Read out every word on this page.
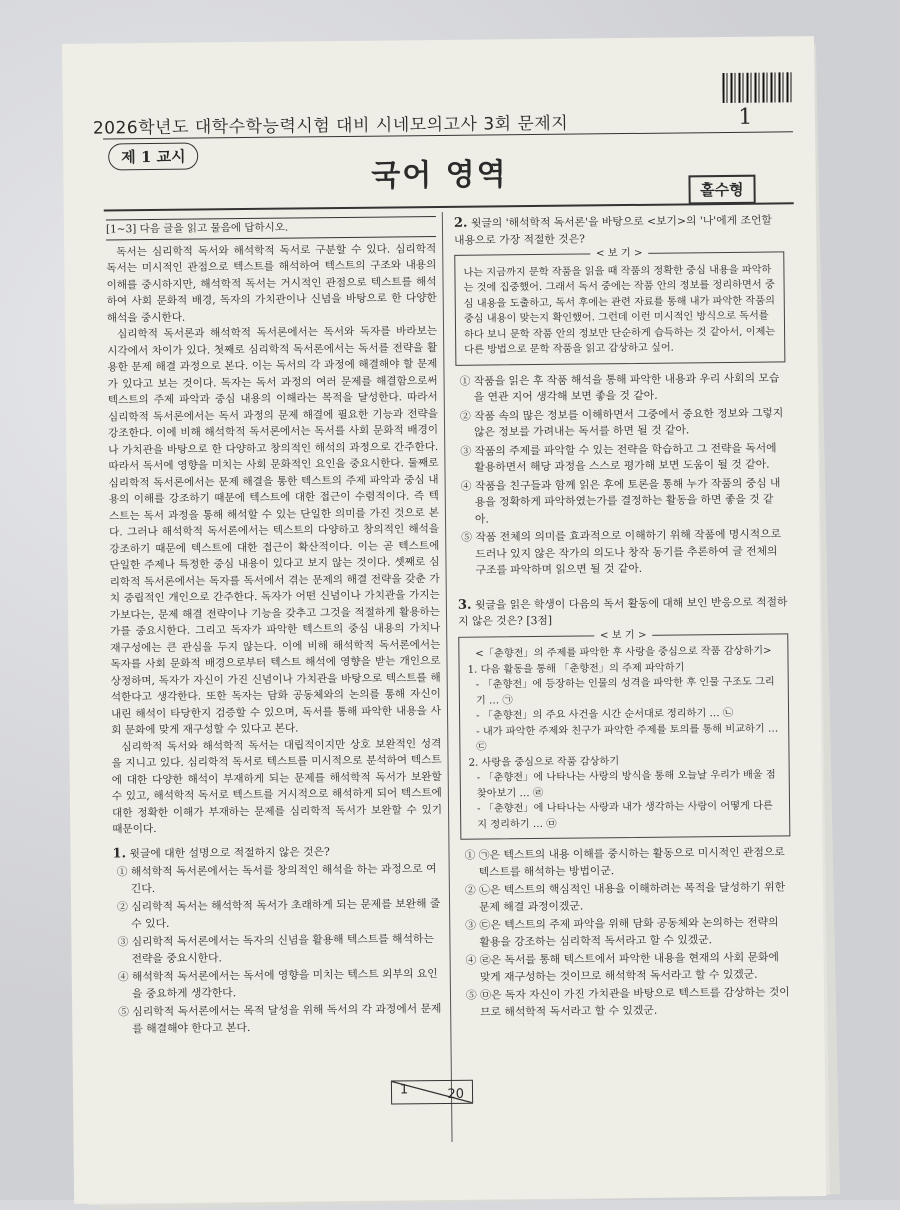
2026학년도 대학수학능력시험 대비 시네모의고사 3회 문제지	1
제 1 교시
국어 영역	홀수형
[1~3] 다음 글을 읽고 물음에 답하시오.

독서는 심리학적 독서와 해석학적 독서로 구분할 수 있다. 심리학적 독서는 미시적인 관점으로 텍스트를 해석하여 텍스트의 구조와 내용의 이해를 중시하지만, 해석학적 독서는 거시적인 관점으로 텍스트를 해석하여 사회 문화적 배경, 독자의 가치관이나 신념을 바탕으로 한 다양한 해석을 중시한다.

심리학적 독서론과 해석학적 독서론에서는 독서와 독자를 바라보는 시각에서 차이가 있다. 첫째로 심리학적 독서론에서는 독서를 전략을 활용한 문제 해결 과정으로 본다. 이는 독서의 각 과정에 해결해야 할 문제가 있다고 보는 것이다. 독자는 독서 과정의 여러 문제를 해결함으로써 텍스트의 주제 파악과 중심 내용의 이해라는 목적을 달성한다. 따라서 심리학적 독서론에서는 독서 과정의 문제 해결에 필요한 기능과 전략을 강조한다. 이에 비해 해석학적 독서론에서는 독서를 사회 문화적 배경이나 가치관을 바탕으로 한 다양하고 창의적인 해석의 과정으로 간주한다. 따라서 독서에 영향을 미치는 사회 문화적인 요인을 중요시한다. 둘째로 심리학적 독서론에서는 문제 해결을 통한 텍스트의 주제 파악과 중심 내용의 이해를 강조하기 때문에 텍스트에 대한 접근이 수렴적이다. 즉 텍스트는 독서 과정을 통해 해석할 수 있는 단일한 의미를 가진 것으로 본다. 그러나 해석학적 독서론에서는 텍스트의 다양하고 창의적인 해석을 강조하기 때문에 텍스트에 대한 접근이 확산적이다. 이는 곧 텍스트에 단일한 주제나 특정한 중심 내용이 있다고 보지 않는 것이다. 셋째로 심리학적 독서론에서는 독자를 독서에서 겪는 문제의 해결 전략을 갖춘 가치 중립적인 개인으로 간주한다. 독자가 어떤 신념이나 가치관을 가지는가보다는, 문제 해결 전략이나 기능을 갖추고 그것을 적절하게 활용하는가를 중요시한다. 그리고 독자가 파악한 텍스트의 중심 내용의 가치나 재구성에는 큰 관심을 두지 않는다. 이에 비해 해석학적 독서론에서는 독자를 사회 문화적 배경으로부터 텍스트 해석에 영향을 받는 개인으로 상정하며, 독자가 자신이 가진 신념이나 가치관을 바탕으로 텍스트를 해석한다고 생각한다. 또한 독자는 담화 공동체와의 논의를 통해 자신이 내린 해석이 타당한지 검증할 수 있으며, 독서를 통해 파악한 내용을 사회 문화에 맞게 재구성할 수 있다고 본다.

심리학적 독서와 해석학적 독서는 대립적이지만 상호 보완적인 성격을 지니고 있다. 심리학적 독서로 텍스트를 미시적으로 분석하여 텍스트에 대한 다양한 해석이 부재하게 되는 문제를 해석학적 독서가 보완할 수 있고, 해석학적 독서로 텍스트를 거시적으로 해석하게 되어 텍스트에 대한 정확한 이해가 부재하는 문제를 심리학적 독서가 보완할 수 있기 때문이다.

1. 윗글에 대한 설명으로 적절하지 않은 것은?
① 해석학적 독서론에서는 독서를 창의적인 해석을 하는 과정으로 여긴다.
② 심리학적 독서는 해석학적 독서가 초래하게 되는 문제를 보완해 줄 수 있다.
③ 심리학적 독서론에서는 독자의 신념을 활용해 텍스트를 해석하는 전략을 중요시한다.
④ 해석학적 독서론에서는 독서에 영향을 미치는 텍스트 외부의 요인을 중요하게 생각한다.
⑤ 심리학적 독서론에서는 목적 달성을 위해 독서의 각 과정에서 문제를 해결해야 한다고 본다.
2. 윗글의 '해석학적 독서론'을 바탕으로 <보기>의 '나'에게 조언할 내용으로 가장 적절한 것은?
< 보 기 >
나는 지금까지 문학 작품을 읽을 때 작품의 정확한 중심 내용을 파악하는 것에 집중했어. 그래서 독서 중에는 작품 안의 정보를 정리하면서 중심 내용을 도출하고, 독서 후에는 관련 자료를 통해 내가 파악한 작품의 중심 내용이 맞는지 확인했어. 그런데 이런 미시적인 방식으로 독서를 하다 보니 문학 작품 안의 정보만 단순하게 습득하는 것 같아서, 이제는 다른 방법으로 문학 작품을 읽고 감상하고 싶어.
① 작품을 읽은 후 작품 해석을 통해 파악한 내용과 우리 사회의 모습을 연관 지어 생각해 보면 좋을 것 같아.
② 작품 속의 많은 정보를 이해하면서 그중에서 중요한 정보와 그렇지 않은 정보를 가려내는 독서를 하면 될 것 같아.
③ 작품의 주제를 파악할 수 있는 전략을 학습하고 그 전략을 독서에 활용하면서 해당 과정을 스스로 평가해 보면 도움이 될 것 같아.
④ 작품을 친구들과 함께 읽은 후에 토론을 통해 누가 작품의 중심 내용을 정확하게 파악하였는가를 결정하는 활동을 하면 좋을 것 같아.
⑤ 작품 전체의 의미를 효과적으로 이해하기 위해 작품에 명시적으로 드러나 있지 않은 작가의 의도나 창작 동기를 추론하여 글 전체의 구조를 파악하며 읽으면 될 것 같아.
3. 윗글을 읽은 학생이 다음의 독서 활동에 대해 보인 반응으로 적절하지 않은 것은? [3점]
< 보 기 >
<「춘향전」의 주제를 파악한 후 사랑을 중심으로 작품 감상하기>
1. 다음 활동을 통해 「춘향전」의 주제 파악하기
- 「춘향전」에 등장하는 인물의 성격을 파악한 후 인물 구조도 그리기 … ㉠
- 「춘향전」의 주요 사건을 시간 순서대로 정리하기 … ㉡
- 내가 파악한 주제와 친구가 파악한 주제를 토의를 통해 비교하기 … ㉢
2. 사랑을 중심으로 작품 감상하기
- 「춘향전」에 나타나는 사랑의 방식을 통해 오늘날 우리가 배울 점 찾아보기 … ㉣
- 「춘향전」에 나타나는 사랑과 내가 생각하는 사랑이 어떻게 다른지 정리하기 … ㉤
① ㉠은 텍스트의 내용 이해를 중시하는 활동으로 미시적인 관점으로 텍스트를 해석하는 방법이군.
② ㉡은 텍스트의 핵심적인 내용을 이해하려는 목적을 달성하기 위한 문제 해결 과정이겠군.
③ ㉢은 텍스트의 주제 파악을 위해 담화 공동체와 논의하는 전략의 활용을 강조하는 심리학적 독서라고 할 수 있겠군.
④ ㉣은 독서를 통해 텍스트에서 파악한 내용을 현재의 사회 문화에 맞게 재구성하는 것이므로 해석학적 독서라고 할 수 있겠군.
⑤ ㉤은 독자 자신이 가진 가치관을 바탕으로 텍스트를 감상하는 것이므로 해석학적 독서라고 할 수 있겠군.
1	20
